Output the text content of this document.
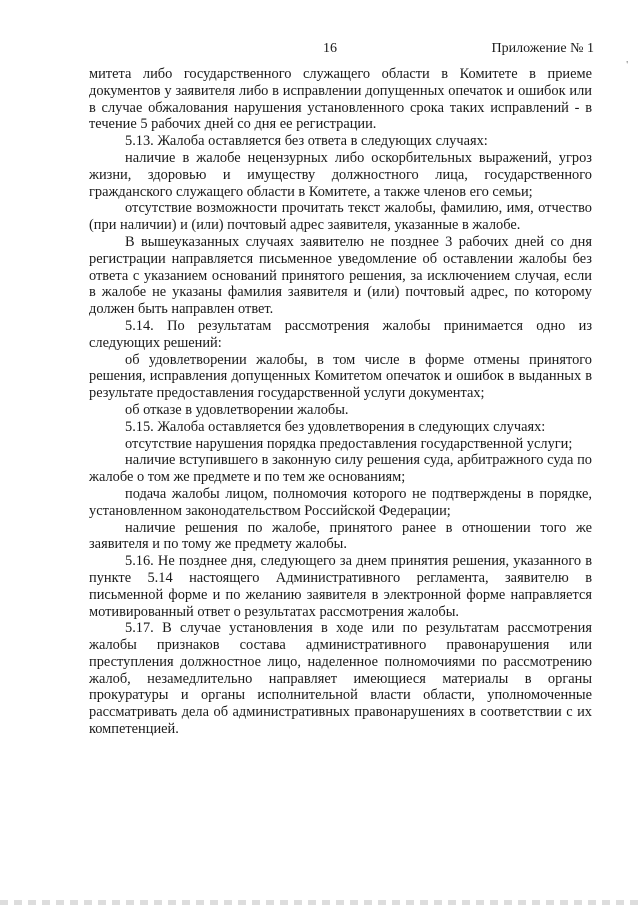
16	Приложение № 1
'

митета либо государственного служащего области в Комитете в приеме документов у заявителя либо в исправлении допущенных опечаток и ошибок или в случае обжалования нарушения установленного срока таких исправлений - в течение 5 рабочих дней со дня ее регистрации.

5.13. Жалоба оставляется без ответа в следующих случаях:

наличие в жалобе нецензурных либо оскорбительных выражений, угроз жизни, здоровью и имуществу должностного лица, государственного гражданского служащего области в Комитете, а также членов его семьи;

отсутствие возможности прочитать текст жалобы, фамилию, имя, отчество (при наличии) и (или) почтовый адрес заявителя, указанные в жалобе.

В вышеуказанных случаях заявителю не позднее 3 рабочих дней со дня регистрации направляется письменное уведомление об оставлении жалобы без ответа с указанием оснований принятого решения, за исключением случая, если в жалобе не указаны фамилия заявителя и (или) почтовый адрес, по которому должен быть направлен ответ.

5.14. По результатам рассмотрения жалобы принимается одно из следующих решений:

об удовлетворении жалобы, в том числе в форме отмены принятого решения, исправления допущенных Комитетом опечаток и ошибок в выданных в результате предоставления государственной услуги документах;

об отказе в удовлетворении жалобы.

5.15. Жалоба оставляется без удовлетворения в следующих случаях:

отсутствие нарушения порядка предоставления государственной услуги;

наличие вступившего в законную силу решения суда, арбитражного суда по жалобе о том же предмете и по тем же основаниям;

подача жалобы лицом, полномочия которого не подтверждены в порядке, установленном законодательством Российской Федерации;

наличие решения по жалобе, принятого ранее в отношении того же заявителя и по тому же предмету жалобы.

5.16. Не позднее дня, следующего за днем принятия решения, указанного в пункте 5.14 настоящего Административного регламента, заявителю в письменной форме и по желанию заявителя в электронной форме направляется мотивированный ответ о результатах рассмотрения жалобы.

5.17. В случае установления в ходе или по результатам рассмотрения жалобы признаков состава административного правонарушения или преступления должностное лицо, наделенное полномочиями по рассмотрению жалоб, незамедлительно направляет имеющиеся материалы в органы прокуратуры и органы исполнительной власти области, уполномоченные рассматривать дела об административных правонарушениях в соответствии с их компетенцией.
